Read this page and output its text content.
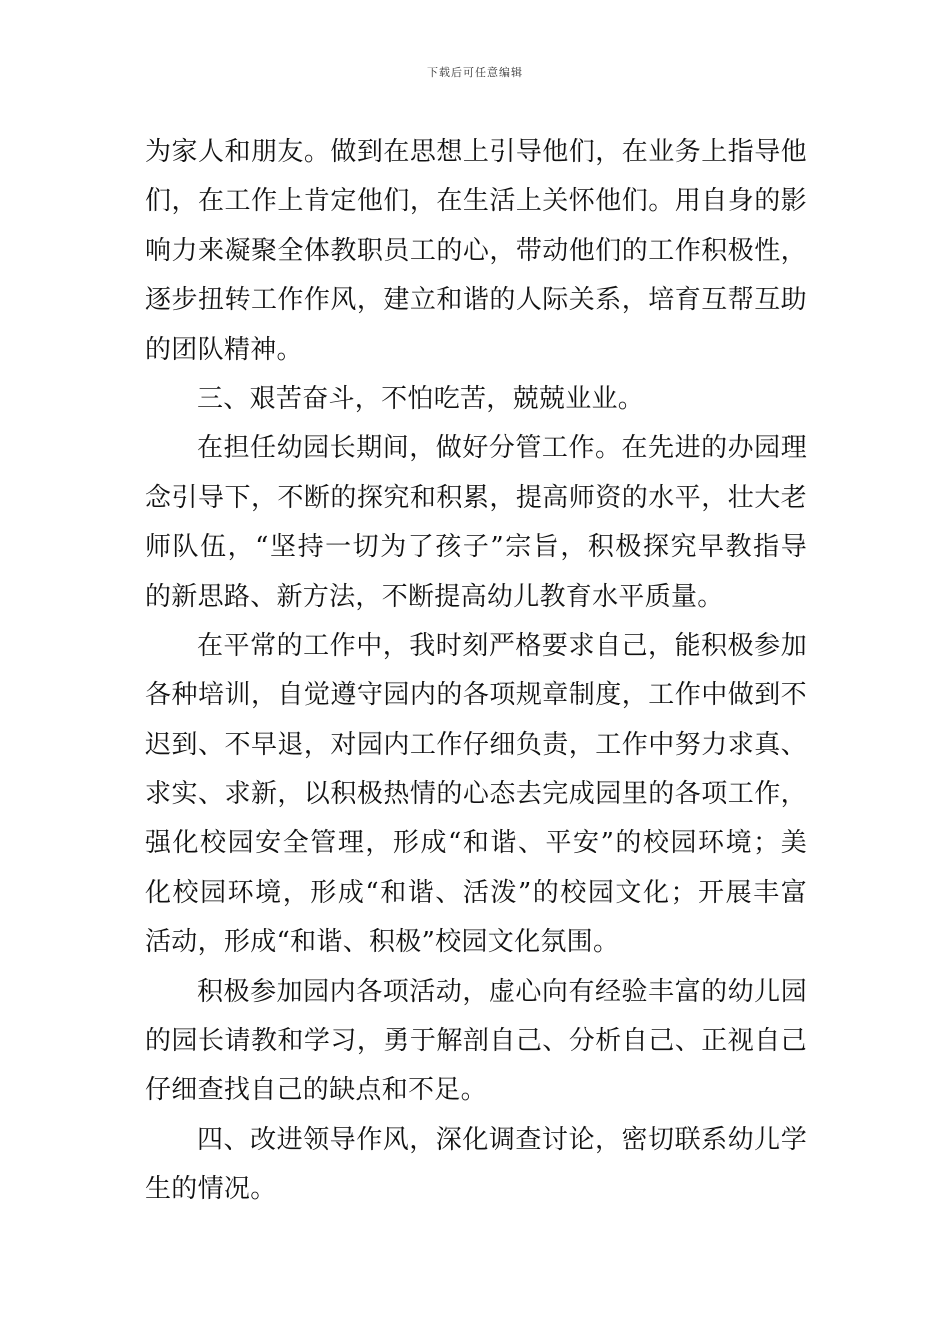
下载后可任意编辑
为家人和朋友。做到在思想上引导他们，在业务上指导他
们，在工作上肯定他们，在生活上关怀他们。用自身的影
响力来凝聚全体教职员工的心，带动他们的工作积极性，
逐步扭转工作作风，建立和谐的人际关系，培育互帮互助
的团队精神。
三、艰苦奋斗，不怕吃苦，兢兢业业。
在担任幼园长期间，做好分管工作。在先进的办园理
念引导下，不断的探究和积累，提高师资的水平，壮大老
师队伍，“坚持一切为了孩子”宗旨，积极探究早教指导
的新思路、新方法，不断提高幼儿教育水平质量。
在平常的工作中，我时刻严格要求自己，能积极参加
各种培训，自觉遵守园内的各项规章制度，工作中做到不
迟到、不早退，对园内工作仔细负责，工作中努力求真、
求实、求新，以积极热情的心态去完成园里的各项工作，
强化校园安全管理，形成“和谐、平安”的校园环境；美
化校园环境，形成“和谐、活泼”的校园文化；开展丰富
活动，形成“和谐、积极”校园文化氛围。
积极参加园内各项活动，虚心向有经验丰富的幼儿园
的园长请教和学习，勇于解剖自己、分析自己、正视自己
仔细查找自己的缺点和不足。
四、改进领导作风，深化调查讨论，密切联系幼儿学
生的情况。
